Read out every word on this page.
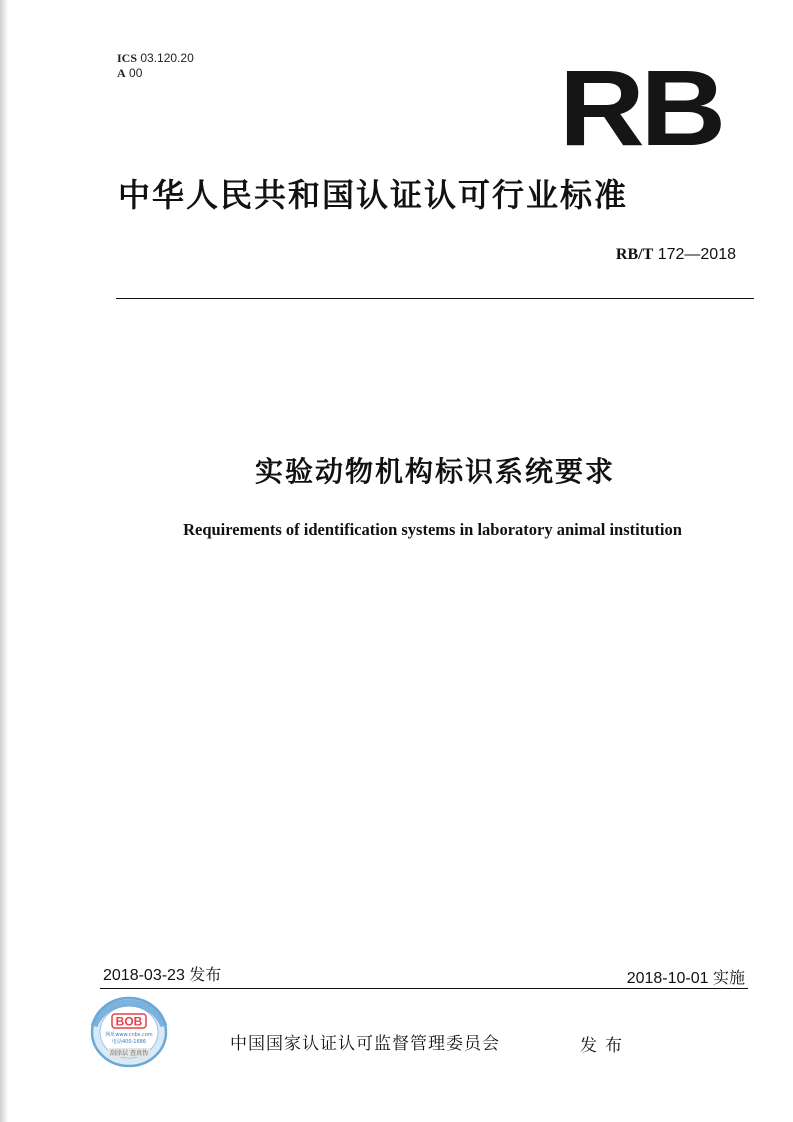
ICS 03.120.20
A 00	RB
中华人民共和国认证认可行业标准
RB/T 172—2018
实验动物机构标识系统要求
Requirements of identification systems in laboratory animal institution
2018-03-23 发布	2018-10-01 实施
BOB
网址www.cnbs.com
电话400-1686
刮涂层 查真伪	中国国家认证认可监督管理委员会	发布
